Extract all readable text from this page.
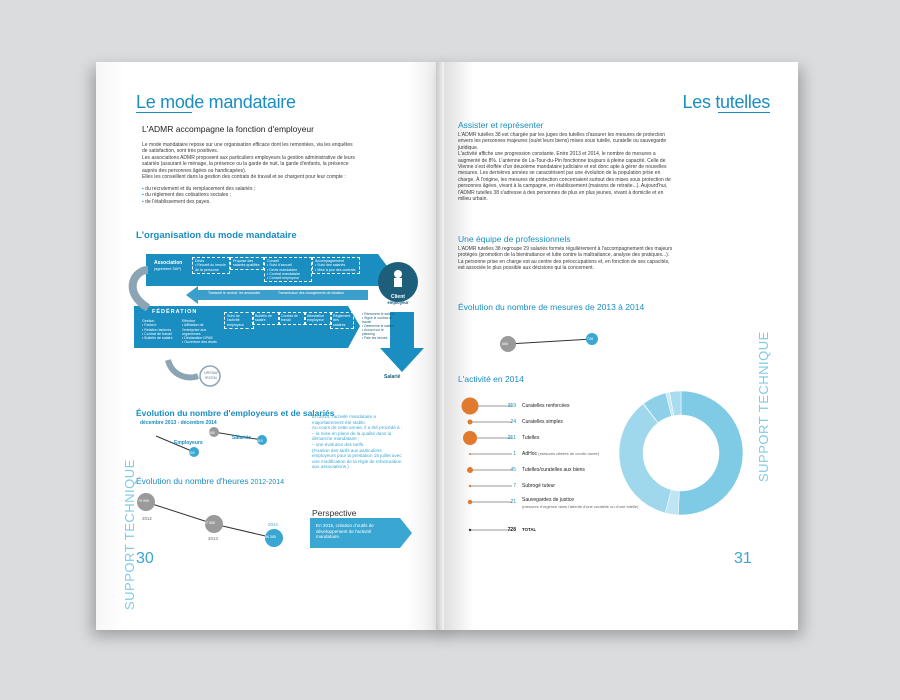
Le mode mandataire
L'ADMR accompagne la fonction d'employeur
Le mode mandataire repose sur une organisation efficace dont les remontées, via les enquêtes de satisfaction, sont très positives.
Les associations ADMR proposent aux particuliers employeurs la gestion administrative de leurs salariés (assurant le ménage, la présence ou la garde de nuit, la garde d'enfants, la présence auprès des personnes âgées ou handicapées).
Elles les conseillent dans la gestion des contrats de travail et se chargent pour leur compte :
▪ du recrutement et du remplacement des salariés ;
▪ du règlement des cotisations sociales ;
▪ de l'établissement des payes.
L'organisation du mode mandataire
Association
(agrément SAP)
Devis
• Recueil du besoin de la personne
Propose des salariés qualifiés
Conseil
• Suivi d'accueil
• Devis mandataire
• Contrat mandataire
• Conseil employeur
Accompagnement
• Suivi des salariés
• Mise à jour des contrats
Transmet le contrat, les demandes	Transmission des changements de situation
Client
employeur
FÉDÉRATION
Gestion
• Facture
• Relation factures
• Contrat de travail
• Bulletin de salaire
Effectue
• Affiliation de l'entreprise aux organismes
• Déclaration DPAE
• Ouverture des droits
Suivi de l'activité employeur
Bulletin de salaire
Contrat de travail
Attestation employeur
Règlement des salaires
• Rémunère le salarié
• Signe le contrat de travail
• Détermine le salaire
• Accord sur le planning
• Paie les heures
Salarié
URSSAF
IRCEM
Évolution du nombre d'employeurs et de salariés
décembre 2013 - décembre 2014
Employeurs
Salariés
303
358
319
En 2014, l'activité mandataire a majoritairement été stable.
Au cours de cette année, il a été procédé à :
– la mise en place de la qualité dans la démarche mandataire ;
– une évolution des tarifs.
(Fixation des tarifs aux particuliers employeurs pour la prestation 15 juillet avec une modification de la règle de refacturation aux associations.)
Évolution du nombre d'heures 2012-2014
79 999
67 556
56 385
2012
2013
2014
Perspective
En 2015, création d'outils de développement de l'activité mandataire.
SUPPORT TECHNIQUE 30
Les tutelles
Assister et représenter
L'ADMR tutelles 38 est chargée par les juges des tutelles d'assurer les mesures de protection envers les personnes majeures (ou/et leurs biens) mises sous tutelle, curatelle ou sauvegarde juridique.
L'activité affiche une progression constante. Entre 2013 et 2014, le nombre de mesures a augmenté de 8%. L'antenne de La-Tour-du-Pin fonctionne toujours à pleine capacité. Celle de Vienne s'est étoffée d'un deuxième mandataire judiciaire et est donc apte à gérer de nouvelles mesures. Les dernières années se caractérisent par une évolution de la population prise en charge. À l'origine, les mesures de protection concernaient surtout des mises sous protection de personnes âgées, vivant à la campagne, en établissement (maisons de retraite...). Aujourd'hui, l'ADMR tutelles 38 s'adresse à des personnes de plus en plus jeunes, vivant à domicile et en milieu urbain.
Une équipe de professionnels
L'ADMR tutelles 38 regroupe 29 salariés formés régulièrement à l'accompagnement des majeurs protégés (promotion de la bientraitance et lutte contre la maltraitance, analyse des pratiques...).
La personne prise en charge est au centre des préoccupations et, en fonction de ses capacités, est associée le plus possible aux décisions qui la concernent.
Évolution du nombre de mesures de 2013 à 2014
665
728
L'activité en 2014
359 Curatelles renforcées
24 Curatelles simples
251 Tutelles
1 AdHoc (mesures ciblées de courte durée)
45 Tutelles/curatelles aux biens
7 Subrogé tuteur
21 Sauvegardes de justice
(mesures d'urgence dans l'attente d'une curatelle ou d'une tutelle)
728 TOTAL
SUPPORT TECHNIQUE
31
